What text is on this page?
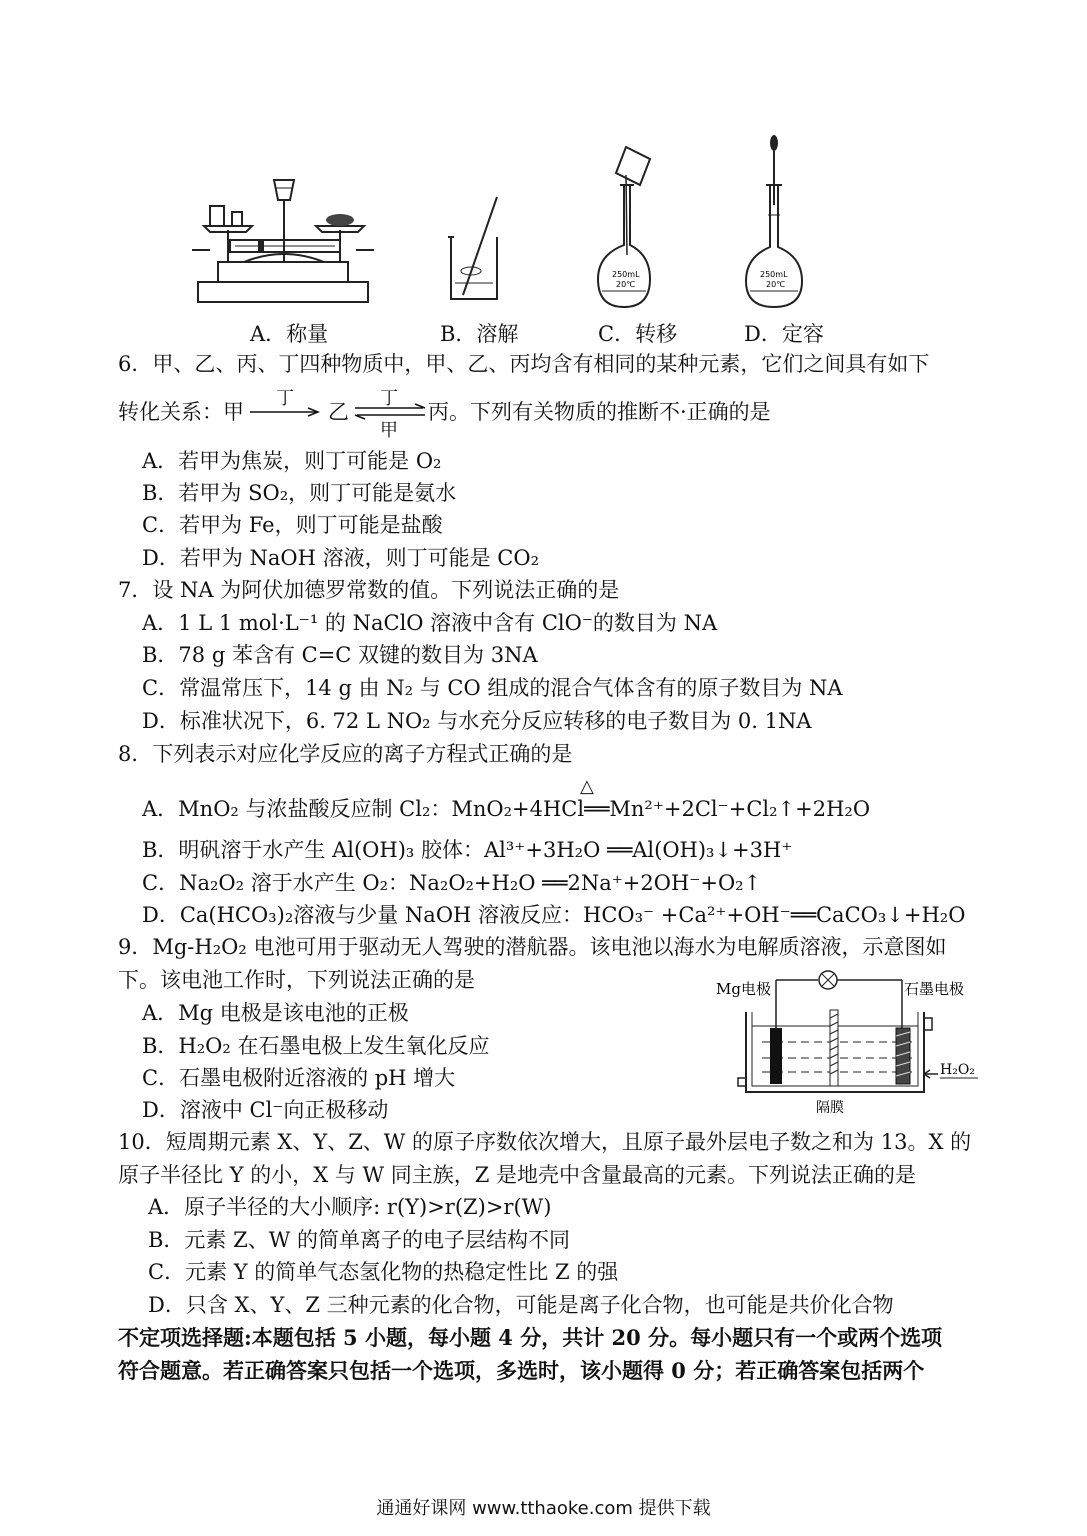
250mL
20℃
250mL
20℃
A．称量	B．溶解	C．转移	D．定容
6．甲、乙、丙、丁四种物质中，甲、乙、丙均含有相同的某种元素，它们之间具有如下
转化关系：甲
丁
乙
丁
甲
丙。下列有关物质的推断不·正确的是
A．若甲为焦炭，则丁可能是 O₂
B．若甲为 SO₂，则丁可能是氨水
C．若甲为 Fe，则丁可能是盐酸
D．若甲为 NaOH 溶液，则丁可能是 CO₂
7．设 NA 为阿伏加德罗常数的值。下列说法正确的是
A．1 L 1 mol·L⁻¹ 的 NaClO 溶液中含有 ClO⁻的数目为 NA
B．78 g 苯含有 C=C 双键的数目为 3NA
C．常温常压下，14 g 由 N₂ 与 CO 组成的混合气体含有的原子数目为 NA
D．标准状况下，6. 72 L NO₂ 与水充分反应转移的电子数目为 0. 1NA
8．下列表示对应化学反应的离子方程式正确的是
△
A．MnO₂ 与浓盐酸反应制 Cl₂：MnO₂+4HCl══Mn²⁺+2Cl⁻+Cl₂↑+2H₂O
B．明矾溶于水产生 Al(OH)₃ 胶体：Al³⁺+3H₂O ══Al(OH)₃↓+3H⁺
C．Na₂O₂ 溶于水产生 O₂：Na₂O₂+H₂O ══2Na⁺+2OH⁻+O₂↑
D．Ca(HCO₃)₂溶液与少量 NaOH 溶液反应：HCO₃⁻ +Ca²⁺+OH⁻══CaCO₃↓+H₂O
9．Mg-H₂O₂ 电池可用于驱动无人驾驶的潜航器。该电池以海水为电解质溶液，示意图如
下。该电池工作时，下列说法正确的是
A．Mg 电极是该电池的正极
B．H₂O₂ 在石墨电极上发生氧化反应
C．石墨电极附近溶液的 pH 增大
D．溶液中 Cl⁻向正极移动
Mg电极	石墨电极
H₂O₂
隔膜
10．短周期元素 X、Y、Z、W 的原子序数依次增大，且原子最外层电子数之和为 13。X 的
原子半径比 Y 的小，X 与 W 同主族，Z 是地壳中含量最高的元素。下列说法正确的是
A．原子半径的大小顺序: r(Y)>r(Z)>r(W)
B．元素 Z、W 的简单离子的电子层结构不同
C．元素 Y 的简单气态氢化物的热稳定性比 Z 的强
D．只含 X、Y、Z 三种元素的化合物，可能是离子化合物，也可能是共价化合物
不定项选择题:本题包括 5 小题，每小题 4 分，共计 20 分。每小题只有一个或两个选项
符合题意。若正确答案只包括一个选项，多选时，该小题得 0 分；若正确答案包括两个
通通好课网 www.tthaoke.com 提供下载
